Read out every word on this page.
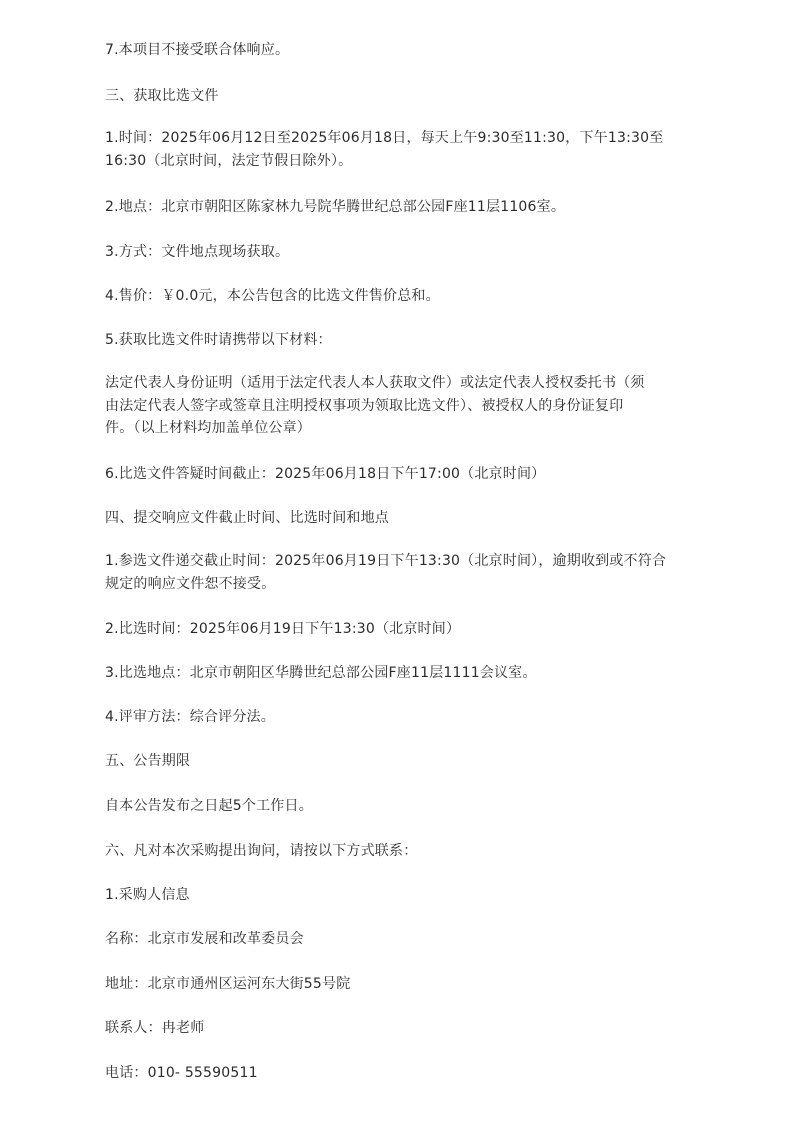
7.本项目不接受联合体响应。
三、获取比选文件
1.时间：2025年06月12日至2025年06月18日，每天上午9:30至11:30，下午13:30至
16:30（北京时间，法定节假日除外）。
2.地点：北京市朝阳区陈家林九号院华腾世纪总部公园F座11层1106室。
3.方式：文件地点现场获取。
4.售价：￥0.0元，本公告包含的比选文件售价总和。
5.获取比选文件时请携带以下材料：
法定代表人身份证明（适用于法定代表人本人获取文件）或法定代表人授权委托书（须
由法定代表人签字或签章且注明授权事项为领取比选文件）、被授权人的身份证复印
件。（以上材料均加盖单位公章）
6.比选文件答疑时间截止：2025年06月18日下午17:00（北京时间）
四、提交响应文件截止时间、比选时间和地点
1.参选文件递交截止时间：2025年06月19日下午13:30（北京时间），逾期收到或不符合
规定的响应文件恕不接受。
2.比选时间：2025年06月19日下午13:30（北京时间）
3.比选地点：北京市朝阳区华腾世纪总部公园F座11层1111会议室。
4.评审方法：综合评分法。
五、公告期限
自本公告发布之日起5个工作日。
六、凡对本次采购提出询问，请按以下方式联系：
1.采购人信息
名称：北京市发展和改革委员会
地址：北京市通州区运河东大街55号院
联系人：冉老师
电话：010- 55590511
